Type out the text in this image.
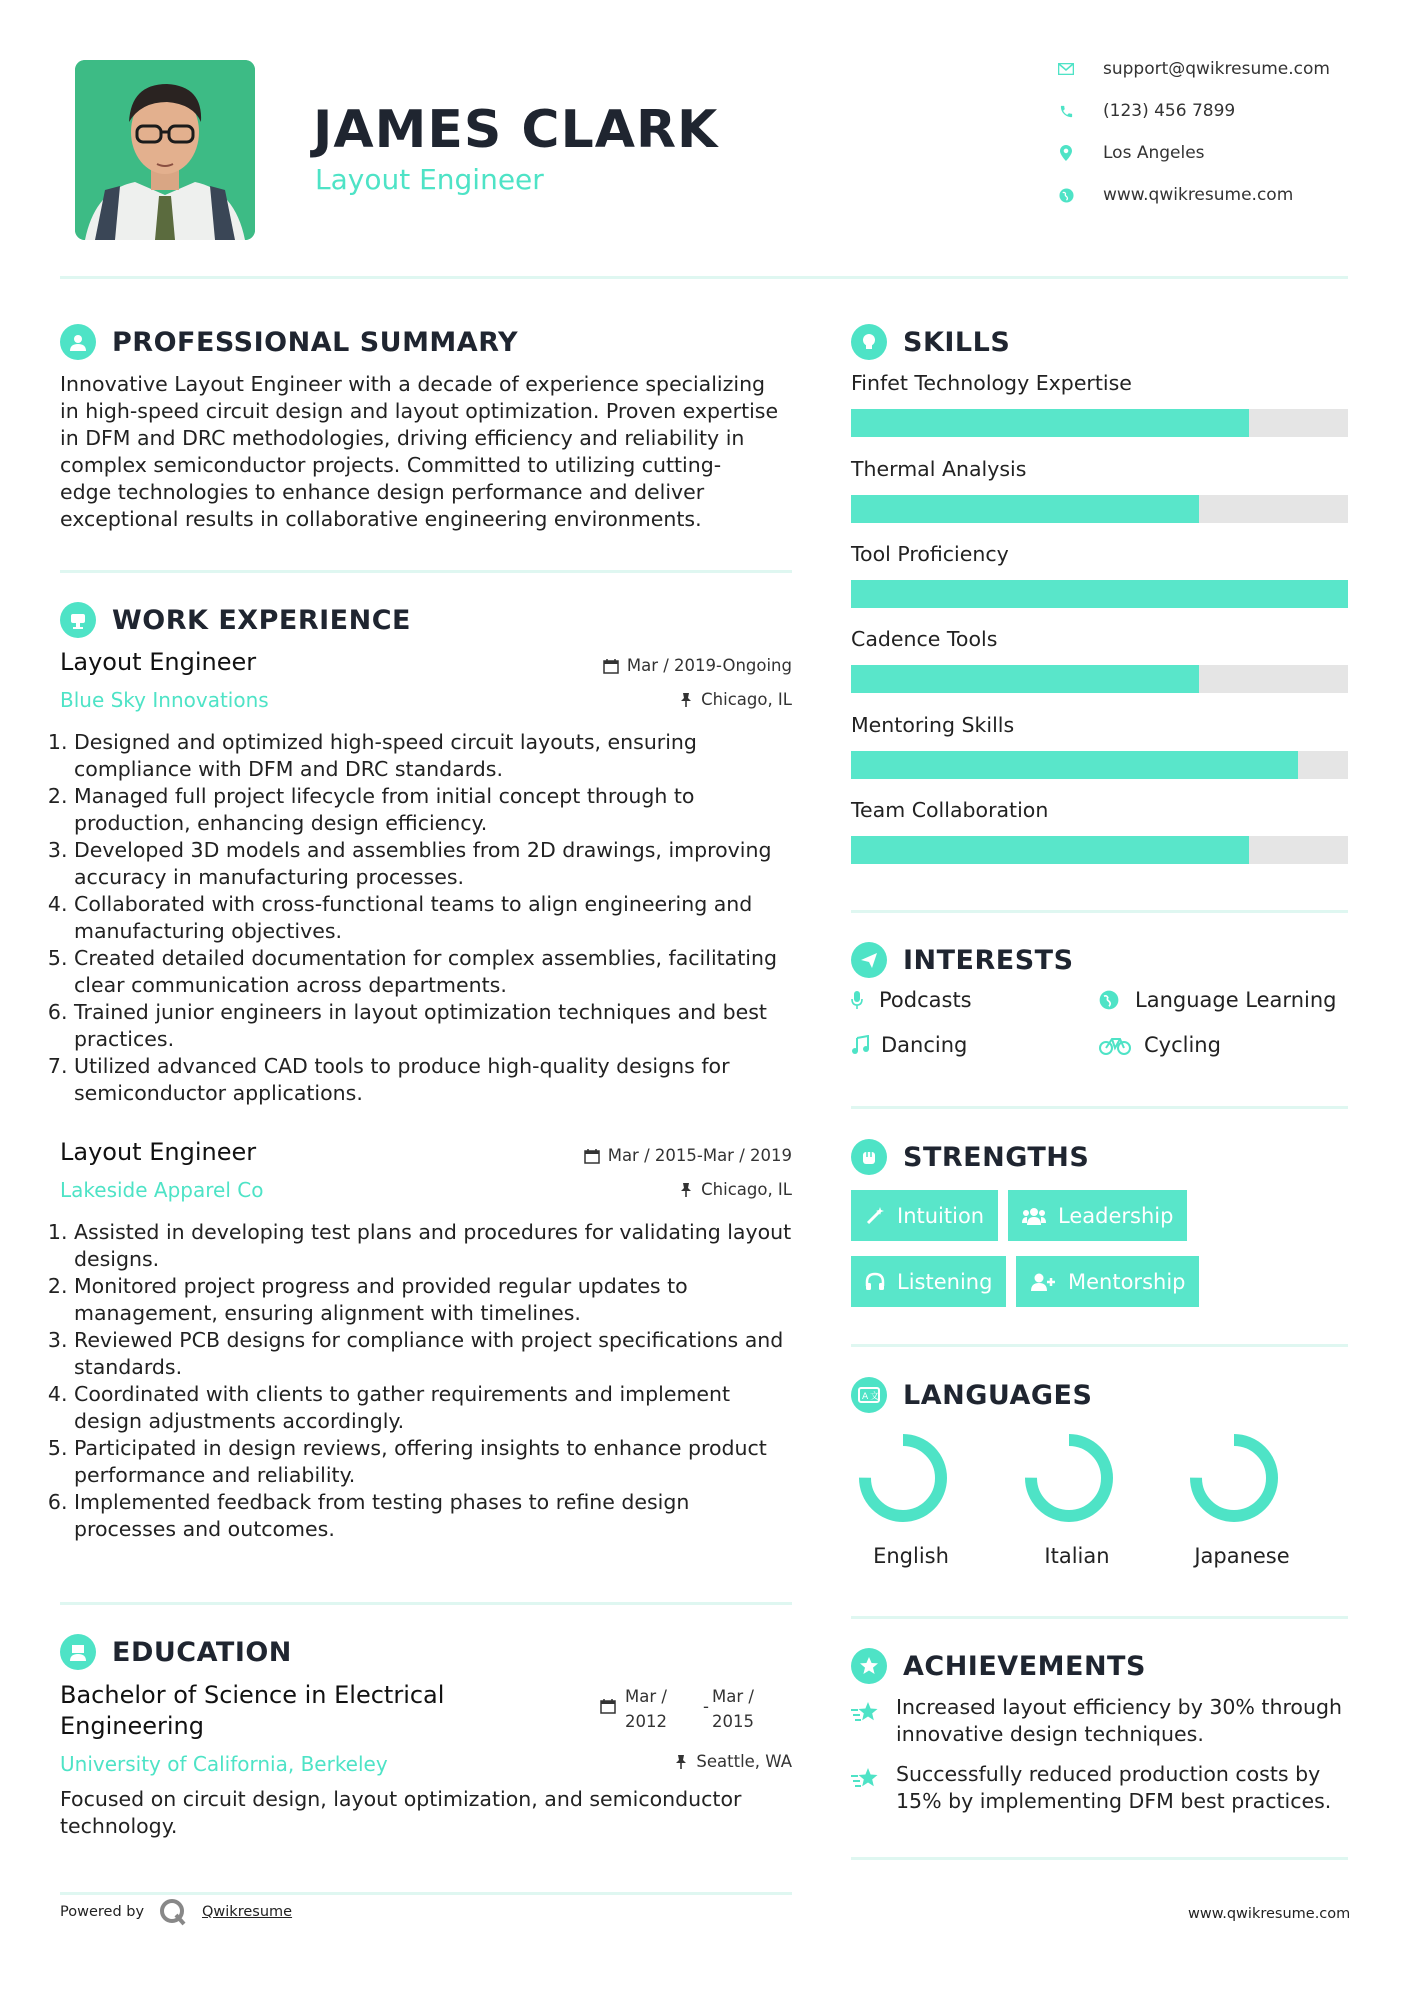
JAMES CLARK
Layout Engineer
support@qwikresume.com
(123) 456 7899
Los Angeles
www.qwikresume.com
PROFESSIONAL SUMMARY
Innovative Layout Engineer with a decade of experience specializing
in high-speed circuit design and layout optimization. Proven expertise
in DFM and DRC methodologies, driving efficiency and reliability in
complex semiconductor projects. Committed to utilizing cutting-
edge technologies to enhance design performance and deliver
exceptional results in collaborative engineering environments.
WORK EXPERIENCE
Layout Engineer
Blue Sky Innovations
Mar / 2019-Ongoing
Chicago, IL
1. Designed and optimized high-speed circuit layouts, ensuring compliance with DFM and DRC standards.
2. Managed full project lifecycle from initial concept through to production, enhancing design efficiency.
3. Developed 3D models and assemblies from 2D drawings, improving accuracy in manufacturing processes.
4. Collaborated with cross-functional teams to align engineering and manufacturing objectives.
5. Created detailed documentation for complex assemblies, facilitating clear communication across departments.
6. Trained junior engineers in layout optimization techniques and best practices.
7. Utilized advanced CAD tools to produce high-quality designs for semiconductor applications.
Layout Engineer
Lakeside Apparel Co
Mar / 2015-Mar / 2019
Chicago, IL
1. Assisted in developing test plans and procedures for validating layout designs.
2. Monitored project progress and provided regular updates to management, ensuring alignment with timelines.
3. Reviewed PCB designs for compliance with project specifications and standards.
4. Coordinated with clients to gather requirements and implement design adjustments accordingly.
5. Participated in design reviews, offering insights to enhance product performance and reliability.
6. Implemented feedback from testing phases to refine design processes and outcomes.
EDUCATION
Bachelor of Science in Electrical
Engineering
University of California, Berkeley
Mar /
2012
-
Mar /
2015
Seattle, WA
Focused on circuit design, layout optimization, and semiconductor
technology.
SKILLS
Finfet Technology Expertise
Thermal Analysis
Tool Proficiency
Cadence Tools
Mentoring Skills
Team Collaboration
INTERESTS
Podcasts	Language Learning
Dancing	Cycling
STRENGTHS
Intuition	Leadership
Listening	Mentorship
A 文 LANGUAGES
English	Italian	Japanese
ACHIEVEMENTS
Increased layout efficiency by 30% through
innovative design techniques.
Successfully reduced production costs by
15% by implementing DFM best practices.
Powered by	Qwikresume	www.qwikresume.com
